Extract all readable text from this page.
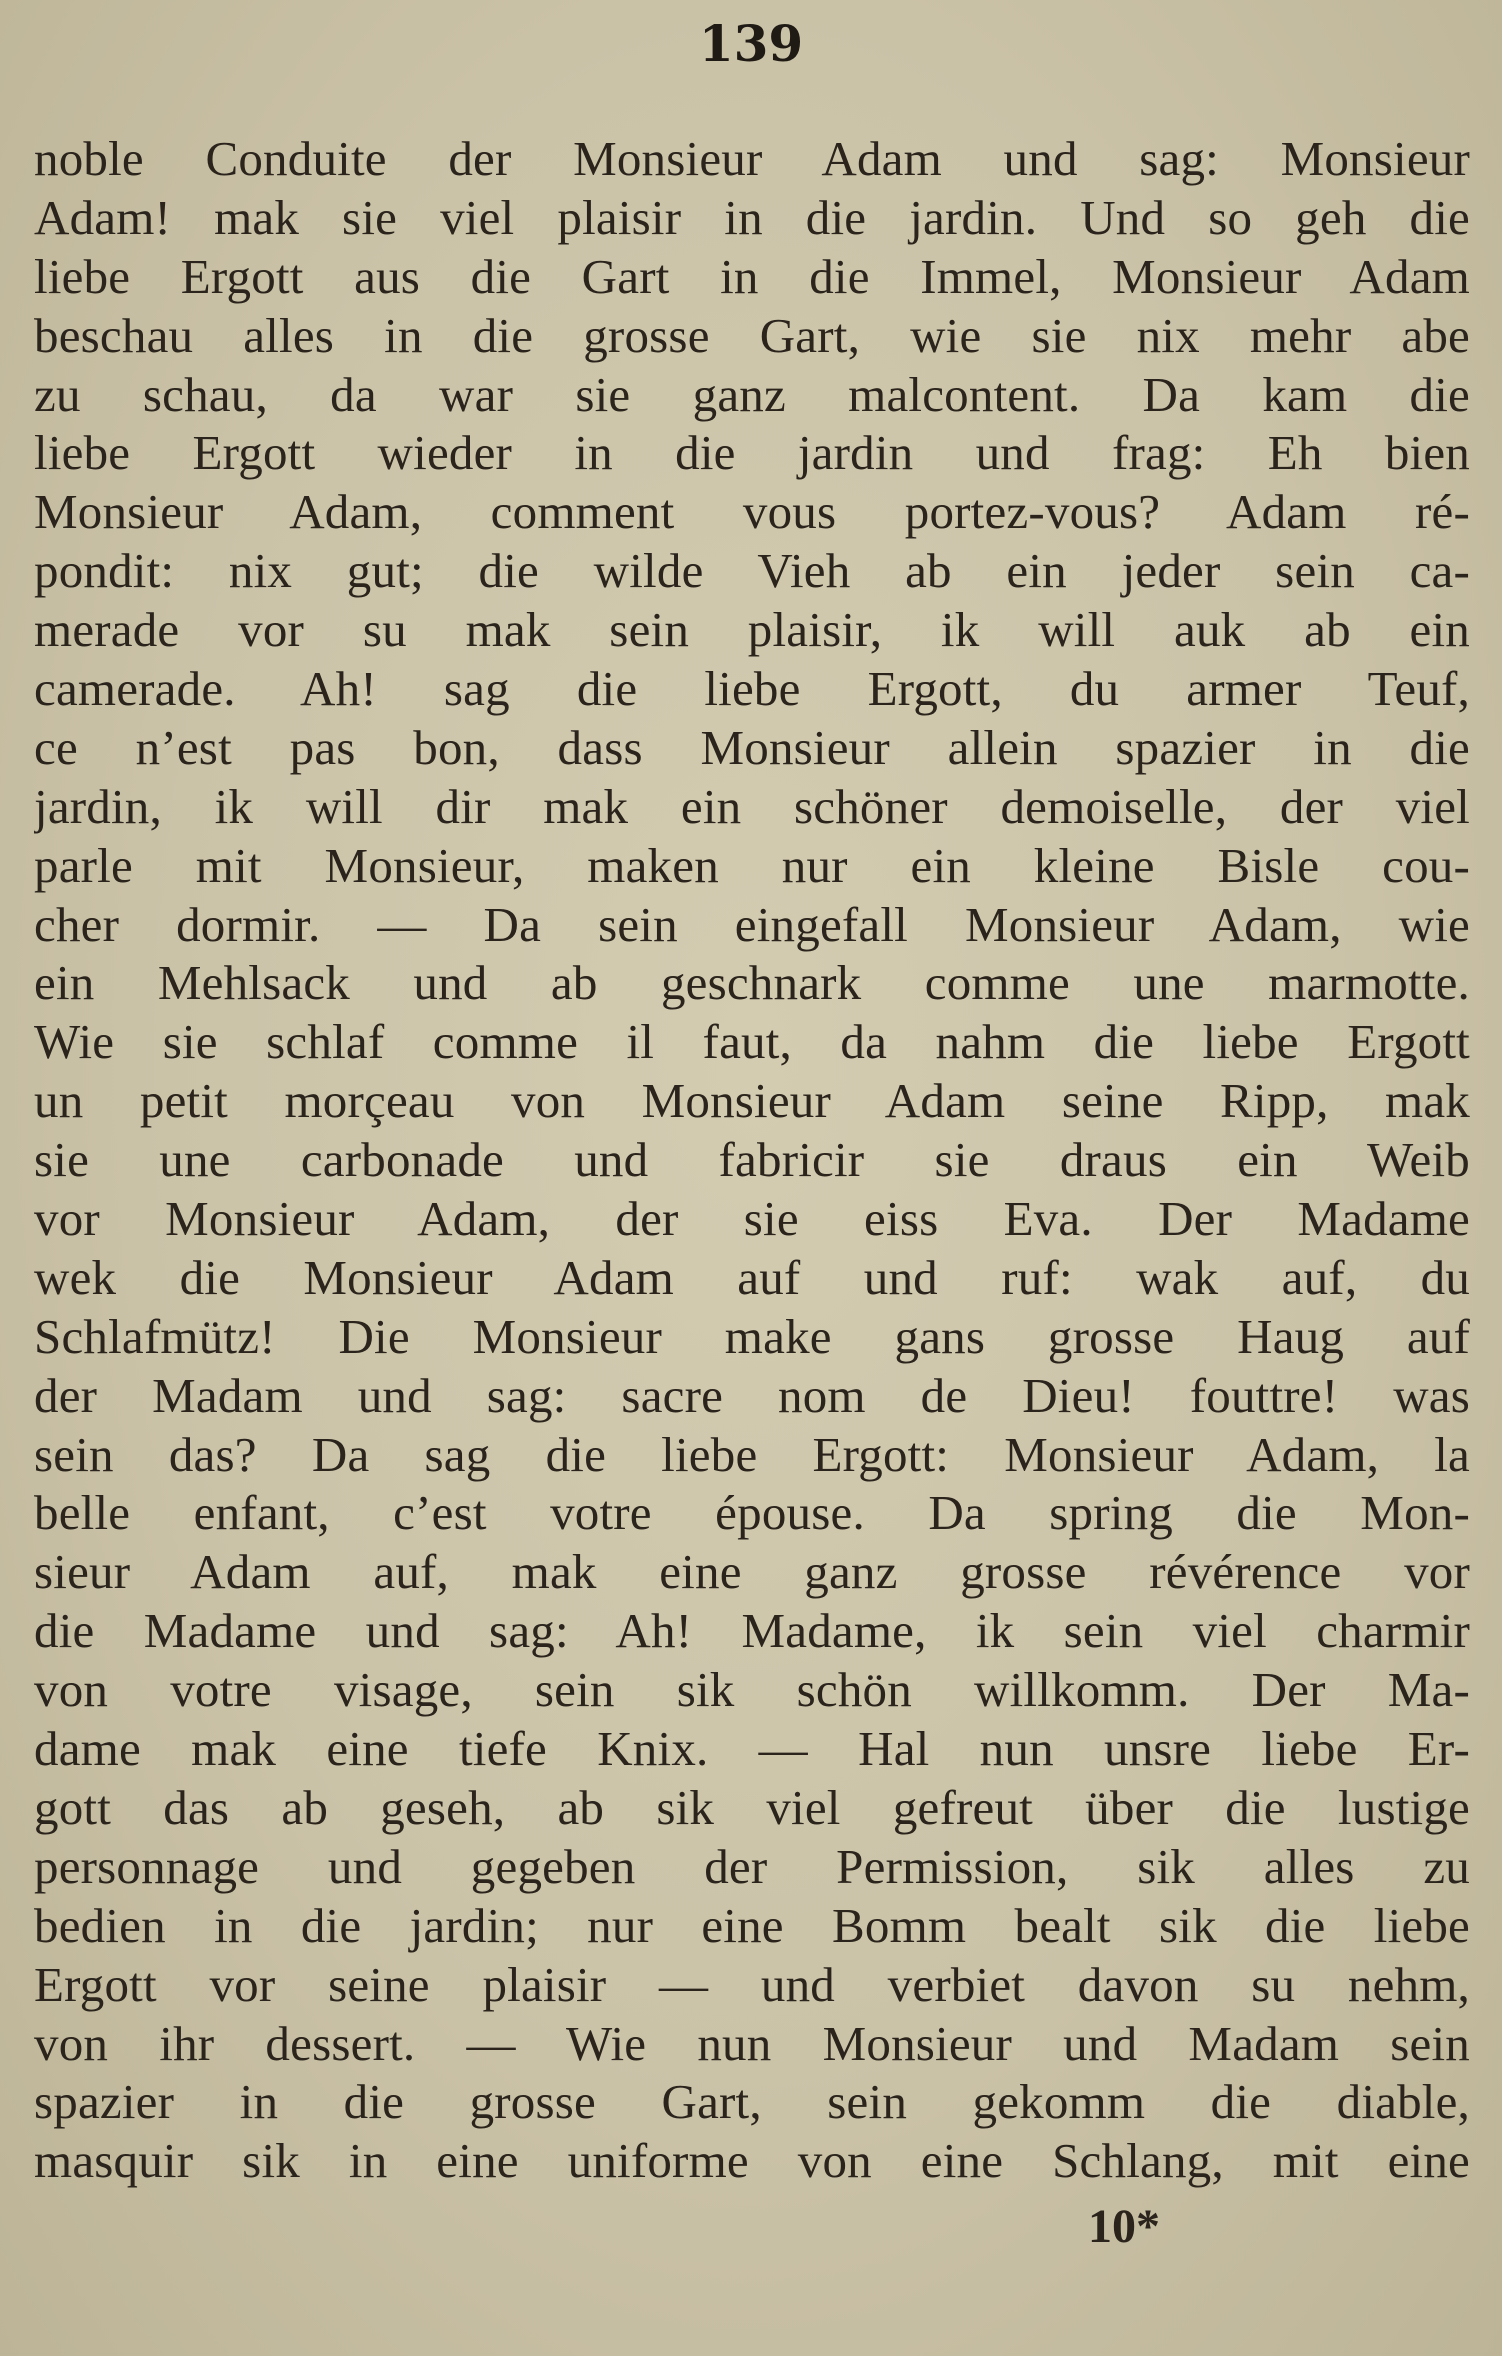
139
noble Conduite der Monsieur Adam und sag: Monsieur
Adam! mak sie viel plaisir in die jardin. Und so geh die
liebe Ergott aus die Gart in die Immel, Monsieur Adam
beschau alles in die grosse Gart, wie sie nix mehr abe
zu schau, da war sie ganz malcontent. Da kam die
liebe Ergott wieder in die jardin und frag: Eh bien
Monsieur Adam, comment vous portez-vous? Adam ré-
pondit: nix gut; die wilde Vieh ab ein jeder sein ca-
merade vor su mak sein plaisir, ik will auk ab ein
camerade. Ah! sag die liebe Ergott, du armer Teuf,
ce n’est pas bon, dass Monsieur allein spazier in die
jardin, ik will dir mak ein schöner demoiselle, der viel
parle mit Monsieur, maken nur ein kleine Bisle cou-
cher dormir. — Da sein eingefall Monsieur Adam, wie
ein Mehlsack und ab geschnark comme une marmotte.
Wie sie schlaf comme il faut, da nahm die liebe Ergott
un petit morçeau von Monsieur Adam seine Ripp, mak
sie une carbonade und fabricir sie draus ein Weib
vor Monsieur Adam, der sie eiss Eva. Der Madame
wek die Monsieur Adam auf und ruf: wak auf, du
Schlafmütz! Die Monsieur make gans grosse Haug auf
der Madam und sag: sacre nom de Dieu! fouttre! was
sein das? Da sag die liebe Ergott: Monsieur Adam, la
belle enfant, c’est votre épouse. Da spring die Mon-
sieur Adam auf, mak eine ganz grosse révérence vor
die Madame und sag: Ah! Madame, ik sein viel charmir
von votre visage, sein sik schön willkomm. Der Ma-
dame mak eine tiefe Knix. — Hal nun unsre liebe Er-
gott das ab geseh, ab sik viel gefreut über die lustige
personnage und gegeben der Permission, sik alles zu
bedien in die jardin; nur eine Bomm bealt sik die liebe
Ergott vor seine plaisir — und verbiet davon su nehm,
von ihr dessert. — Wie nun Monsieur und Madam sein
spazier in die grosse Gart, sein gekomm die diable,
masquir sik in eine uniforme von eine Schlang, mit eine
10*
